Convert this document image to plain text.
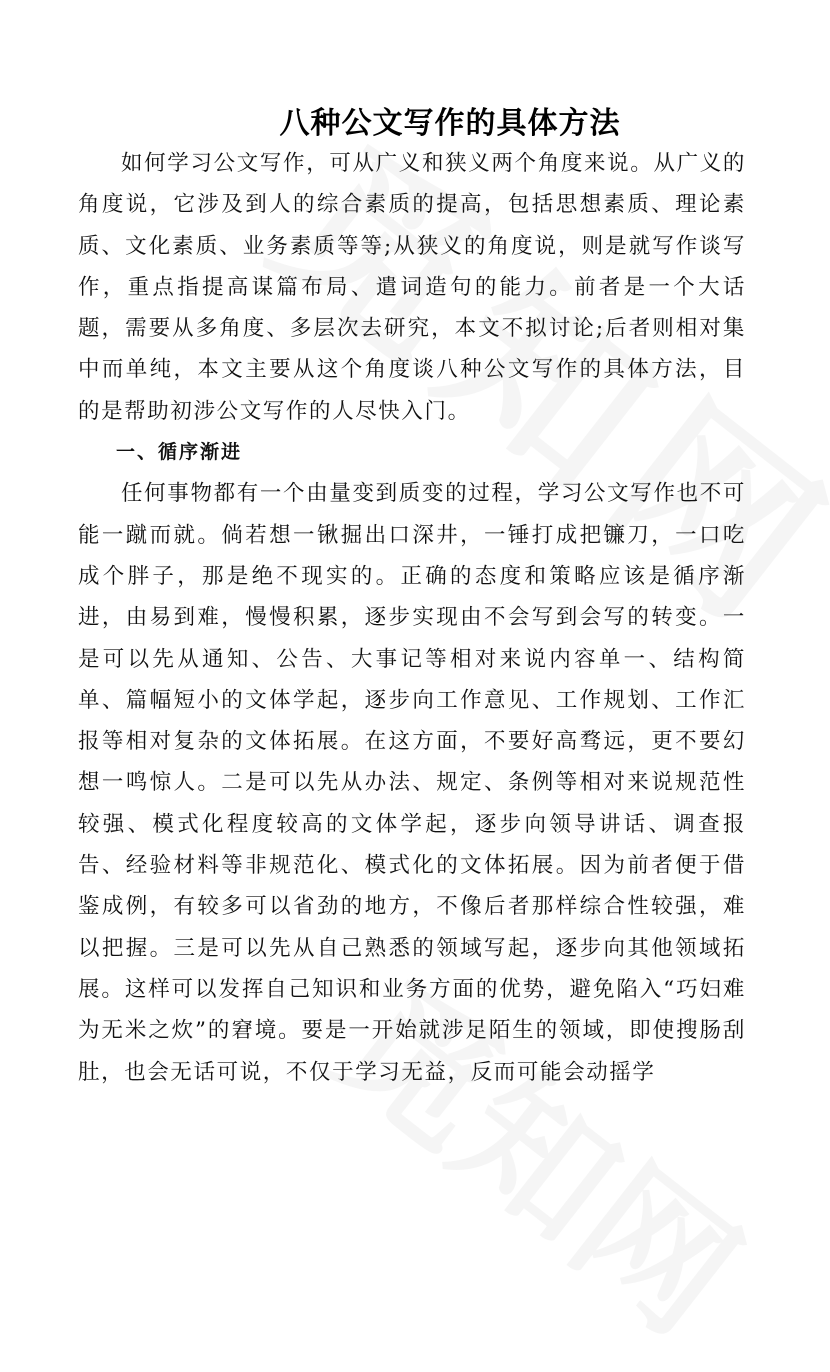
八种公文写作的具体方法

如何学习公文写作，可从广义和狭义两个角度来说。从广义的角度说，它涉及到人的综合素质的提高，包括思想素质、理论素质、文化素质、业务素质等等;从狭义的角度说，则是就写作谈写作，重点指提高谋篇布局、遣词造句的能力。前者是一个大话题，需要从多角度、多层次去研究，本文不拟讨论;后者则相对集中而单纯，本文主要从这个角度谈八种公文写作的具体方法，目的是帮助初涉公文写作的人尽快入门。

一、循序渐进

任何事物都有一个由量变到质变的过程，学习公文写作也不可能一蹴而就。倘若想一锹掘出口深井，一锤打成把镰刀，一口吃成个胖子，那是绝不现实的。正确的态度和策略应该是循序渐进，由易到难，慢慢积累，逐步实现由不会写到会写的转变。一是可以先从通知、公告、大事记等相对来说内容单一、结构简单、篇幅短小的文体学起，逐步向工作意见、工作规划、工作汇报等相对复杂的文体拓展。在这方面，不要好高骛远，更不要幻想一鸣惊人。二是可以先从办法、规定、条例等相对来说规范性较强、模式化程度较高的文体学起，逐步向领导讲话、调查报告、经验材料等非规范化、模式化的文体拓展。因为前者便于借鉴成例，有较多可以省劲的地方，不像后者那样综合性较强，难以把握。三是可以先从自己熟悉的领域写起，逐步向其他领域拓展。这样可以发挥自己知识和业务方面的优势，避免陷入“巧妇难为无米之炊”的窘境。要是一开始就涉足陌生的领域，即使搜肠刮肚，也会无话可说，不仅于学习无益，反而可能会动摇学
